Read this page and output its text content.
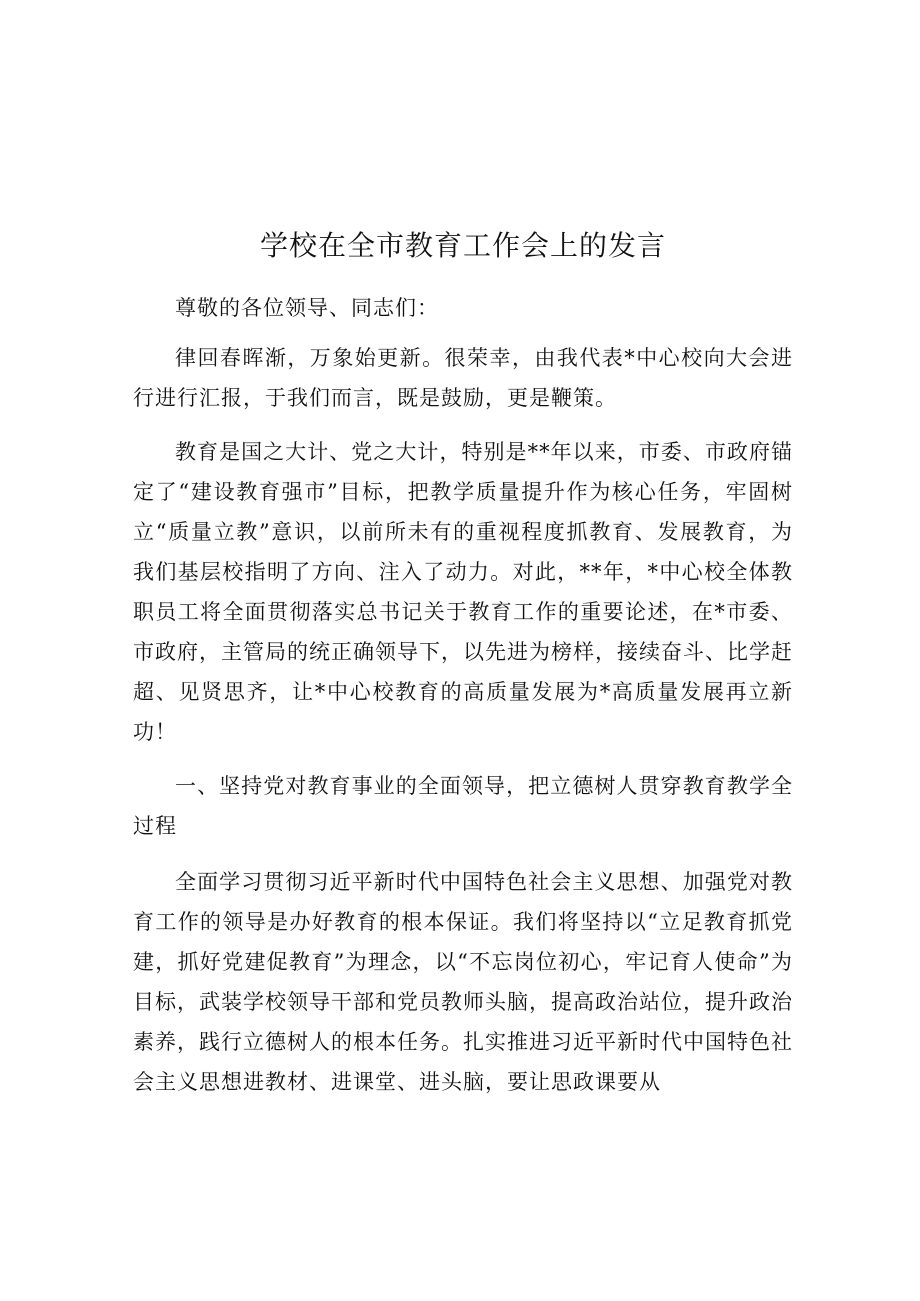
学校在全市教育工作会上的发言

尊敬的各位领导、同志们：

律回春晖渐，万象始更新。很荣幸，由我代表*中心校向大会进行进行汇报，于我们而言，既是鼓励，更是鞭策。

教育是国之大计、党之大计，特别是**年以来，市委、市政府锚定了“建设教育强市”目标，把教学质量提升作为核心任务，牢固树立“质量立教”意识，以前所未有的重视程度抓教育、发展教育，为我们基层校指明了方向、注入了动力。对此，**年，*中心校全体教职员工将全面贯彻落实总书记关于教育工作的重要论述，在*市委、市政府，主管局的统正确领导下，以先进为榜样，接续奋斗、比学赶超、见贤思齐，让*中心校教育的高质量发展为*高质量发展再立新功！

一、坚持党对教育事业的全面领导，把立德树人贯穿教育教学全过程

全面学习贯彻习近平新时代中国特色社会主义思想、加强党对教育工作的领导是办好教育的根本保证。我们将坚持以“立足教育抓党建，抓好党建促教育”为理念，以“不忘岗位初心，牢记育人使命”为目标，武装学校领导干部和党员教师头脑，提高政治站位，提升政治素养，践行立德树人的根本任务。扎实推进习近平新时代中国特色社会主义思想进教材、进课堂、进头脑，要让思政课要从
